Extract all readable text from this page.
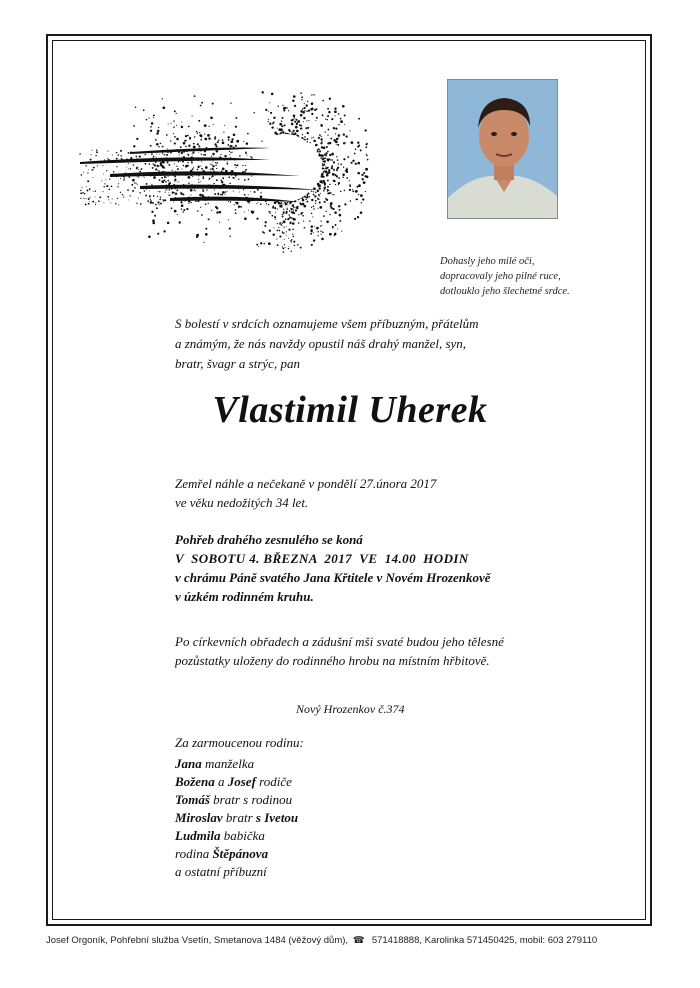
Dohasly jeho milé oči,
dopracovaly jeho pilné ruce,
dotlouklo jeho šlechetné srdce.
S bolestí v srdcích oznamujeme všem příbuzným, přátelům
a známým, že nás navždy opustil náš drahý manžel, syn,
bratr, švagr a strýc, pan
Vlastimil Uherek
Zemřel náhle a nečekaně v pondělí 27.února 2017
ve věku nedožitých 34 let.
Pohřeb drahého zesnulého se koná
V  SOBOTU 4. BŘEZNA  2017  VE  14.00  HODIN
v chrámu Páně svatého Jana Křtitele v Novém Hrozenkově
v úzkém rodinném kruhu.
Po církevních obřadech a zádušní mši svaté budou jeho tělesné
pozůstatky uloženy do rodinného hrobu na místním hřbitově.
Nový Hrozenkov č.374
Za zarmoucenou rodinu:
Jana manželka
Božena a Josef rodiče
Tomáš bratr s rodinou
Miroslav bratr s Ivetou
Ludmila babička
rodina Štěpánova
a ostatní příbuzní
Josef Orgoník, Pohřební služba Vsetín, Smetanova 1484 (věžový dům), ☎  571418888, Karolinka 571450425, mobil: 603 279110
